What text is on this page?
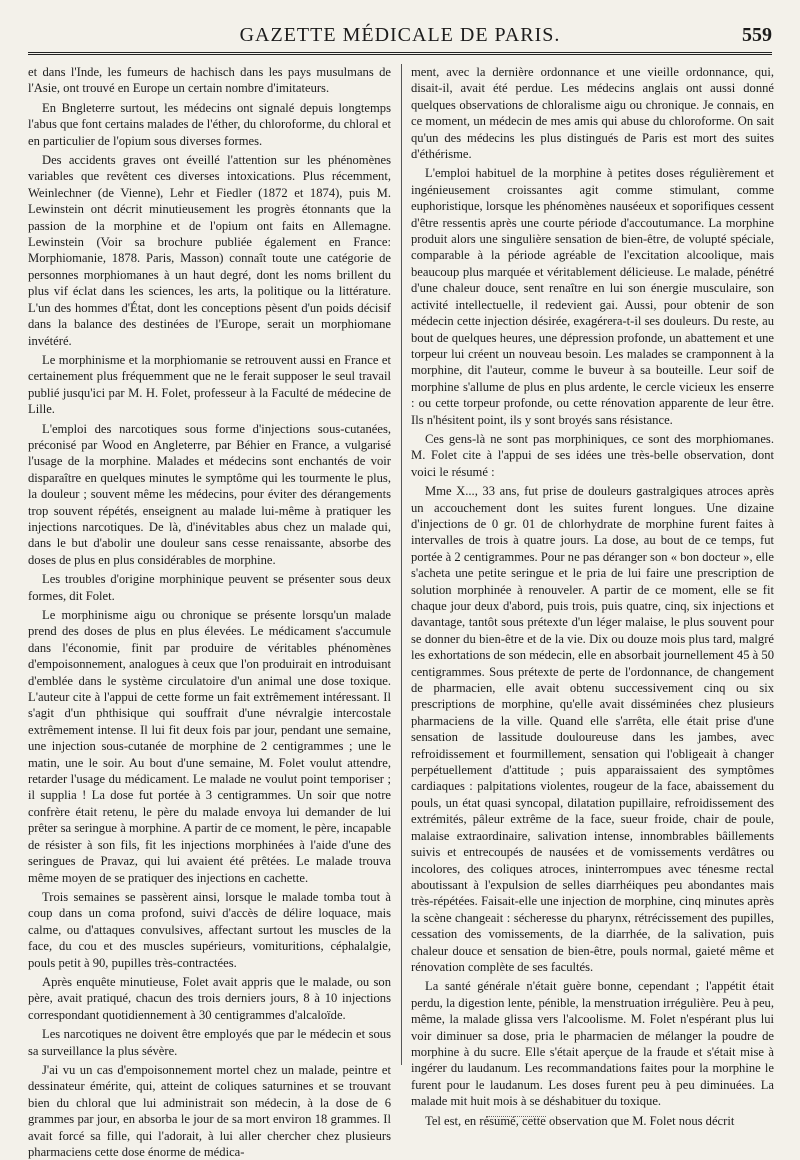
GAZETTE MÉDICALE DE PARIS.	559

et dans l'Inde, les fumeurs de hachisch dans les pays musulmans de l'Asie, ont trouvé en Europe un certain nombre d'imitateurs.

En Bngleterre surtout, les médecins ont signalé depuis longtemps l'abus que font certains malades de l'éther, du chloroforme, du chloral et en particulier de l'opium sous diverses formes.

Des accidents graves ont éveillé l'attention sur les phénomènes variables que revêtent ces diverses intoxications. Plus récemment, Weinlechner (de Vienne), Lehr et Fiedler (1872 et 1874), puis M. Lewinstein ont décrit minutieusement les progrès étonnants que la passion de la morphine et de l'opium ont faits en Allemagne. Lewinstein (Voir sa brochure publiée également en France: Morphiomanie, 1878. Paris, Masson) connaît toute une catégorie de personnes morphiomanes à un haut degré, dont les noms brillent du plus vif éclat dans les sciences, les arts, la politique ou la littérature. L'un des hommes d'État, dont les conceptions pèsent d'un poids décisif dans la balance des destinées de l'Europe, serait un morphiomane invétéré.

Le morphinisme et la morphiomanie se retrouvent aussi en France et certainement plus fréquemment que ne le ferait supposer le seul travail publié jusqu'ici par M. H. Folet, professeur à la Faculté de médecine de Lille.

L'emploi des narcotiques sous forme d'injections sous-cutanées, préconisé par Wood en Angleterre, par Béhier en France, a vulgarisé l'usage de la morphine. Malades et médecins sont enchantés de voir disparaître en quelques minutes le symptôme qui les tourmente le plus, la douleur ; souvent même les médecins, pour éviter des dérangements trop souvent répétés, enseignent au malade lui-même à pratiquer les injections narcotiques. De là, d'inévitables abus chez un malade qui, dans le but d'abolir une douleur sans cesse renaissante, absorbe des doses de plus en plus considérables de morphine.

Les troubles d'origine morphinique peuvent se présenter sous deux formes, dit Folet.

Le morphinisme aigu ou chronique se présente lorsqu'un malade prend des doses de plus en plus élevées. Le médicament s'accumule dans l'économie, finit par produire de véritables phénomènes d'empoisonnement, analogues à ceux que l'on produirait en introduisant d'emblée dans le système circulatoire d'un animal une dose toxique. L'auteur cite à l'appui de cette forme un fait extrêmement intéressant. Il s'agit d'un phthisique qui souffrait d'une névralgie intercostale extrêmement intense. Il lui fit deux fois par jour, pendant une semaine, une injection sous-cutanée de morphine de 2 centigrammes ; une le matin, une le soir. Au bout d'une semaine, M. Folet voulut attendre, retarder l'usage du médicament. Le malade ne voulut point temporiser ; il supplia ! La dose fut portée à 3 centigrammes. Un soir que notre confrère était retenu, le père du malade envoya lui demander de lui prêter sa seringue à morphine. A partir de ce moment, le père, incapable de résister à son fils, fit les injections morphinées à l'aide d'une des seringues de Pravaz, qui lui avaient été prêtées. Le malade trouva même moyen de se pratiquer des injections en cachette.

Trois semaines se passèrent ainsi, lorsque le malade tomba tout à coup dans un coma profond, suivi d'accès de délire loquace, mais calme, ou d'attaques convulsives, affectant surtout les muscles de la face, du cou et des muscles supérieurs, vomituritions, céphalalgie, pouls petit à 90, pupilles très-contractées.

Après enquête minutieuse, Folet avait appris que le malade, ou son père, avait pratiqué, chacun des trois derniers jours, 8 à 10 injections correspondant quotidiennement à 30 centigrammes d'alcaloïde.

Les narcotiques ne doivent être employés que par le médecin et sous sa surveillance la plus sévère.

J'ai vu un cas d'empoisonnement mortel chez un malade, peintre et dessinateur éméritе, qui, atteint de coliques saturnines et se trouvant bien du chloral que lui administrait son médecin, à la dose de 6 grammes par jour, en absorba le jour de sa mort environ 18 grammes. Il avait forcé sa fille, qui l'adorait, à lui aller chercher chez plusieurs pharmaciens cette dose énorme de médica-

ment, avec la dernière ordonnance et une vieille ordonnance, qui, disait-il, avait été perdue. Les médecins anglais ont aussi donné quelques observations de chloralisme aigu ou chronique. Je connais, en ce moment, un médecin de mes amis qui abuse du chloroforme. On sait qu'un des médecins les plus distingués de Paris est mort des suites d'éthérisme.

L'emploi habituel de la morphine à petites doses régulièrement et ingénieusement croissantes agit comme stimulant, comme euphoristique, lorsque les phénomènes nauséeux et soporifiques cessent d'être ressentis après une courte période d'accoutumance. La morphine produit alors une singulière sensation de bien-être, de volupté spéciale, comparable à la période agréable de l'excitation alcoolique, mais beaucoup plus marquée et véritablement délicieuse. Le malade, pénétré d'une chaleur douce, sent renaître en lui son énergie musculaire, son activité intellectuelle, il redevient gai. Aussi, pour obtenir de son médecin cette injection désirée, exagérera-t-il ses douleurs. Du reste, au bout de quelques heures, une dépression profonde, un abattement et une torpeur lui créent un nouveau besoin. Les malades se cramponnent à la morphine, dit l'auteur, comme le buveur à sa bouteille. Leur soif de morphine s'allume de plus en plus ardente, le cercle vicieux les enserre : ou cette torpeur profonde, ou cette rénovation apparente de leur être. Ils n'hésitent point, ils y sont broyés sans résistance.

Ces gens-là ne sont pas morphiniques, ce sont des morphiomanes. M. Folet cite à l'appui de ses idées une très-belle observation, dont voici le résumé :

Mme X..., 33 ans, fut prise de douleurs gastralgiques atroces après un accouchement dont les suites furent longues. Une dizaine d'injections de 0 gr. 01 de chlorhydrate de morphine furent faites à intervalles de trois à quatre jours. La dose, au bout de ce temps, fut portée à 2 centigrammes. Pour ne pas déranger son « bon docteur », elle s'acheta une petite seringue et le pria de lui faire une prescription de solution morphinée à renouveler. A partir de ce moment, elle se fit chaque jour deux d'abord, puis trois, puis quatre, cinq, six injections et davantage, tantôt sous prétexte d'un léger malaise, le plus souvent pour se donner du bien-être et de la vie. Dix ou douze mois plus tard, malgré les exhortations de son médecin, elle en absorbait journellement 45 à 50 centigrammes. Sous prétexte de perte de l'ordonnance, de changement de pharmacien, elle avait obtenu successivement cinq ou six prescriptions de morphine, qu'elle avait disséminées chez plusieurs pharmaciens de la ville. Quand elle s'arrêta, elle était prise d'une sensation de lassitude douloureuse dans les jambes, avec refroidissement et fourmillement, sensation qui l'obligeait à changer perpétuellement d'attitude ; puis apparaissaient des symptômes cardiaques : palpitations violentes, rougeur de la face, abaissement du pouls, un état quasi syncopal, dilatation pupillaire, refroidissement des extrémités, pâleur extrême de la face, sueur froide, chair de poule, malaise extraordinaire, salivation intense, innombrables bâillements suivis et entrecoupés de nausées et de vomissements verdâtres ou incolores, des coliques atroces, ininterrompues avec ténesme rectal aboutissant à l'expulsion de selles diarrhéiques peu abondantes mais très-répétées. Faisait-elle une injection de morphine, cinq minutes après la scène changeait : sécheresse du pharynx, rétrécissement des pupilles, cessation des vomissements, de la diarrhée, de la salivation, puis chaleur douce et sensation de bien-être, pouls normal, gaieté même et rénovation complète de ses facultés.

La santé générale n'était guère bonne, cependant ; l'appétit était perdu, la digestion lente, pénible, la menstruation irrégulière. Peu à peu, même, la malade glissa vers l'alcoolisme. M. Folet n'espérant plus lui voir diminuer sa dose, pria le pharmacien de mélanger la poudre de morphine à du sucre. Elle s'était aperçue de la fraude et s'était mise à ingérer du laudanum. Les recommandations faites pour la morphine le furent pour le laudanum. Les doses furent peu à peu diminuées. La malade mit huit mois à se déshabituer du toxique.

Tel est, en résumé, cette observation que M. Folet nous décrit
